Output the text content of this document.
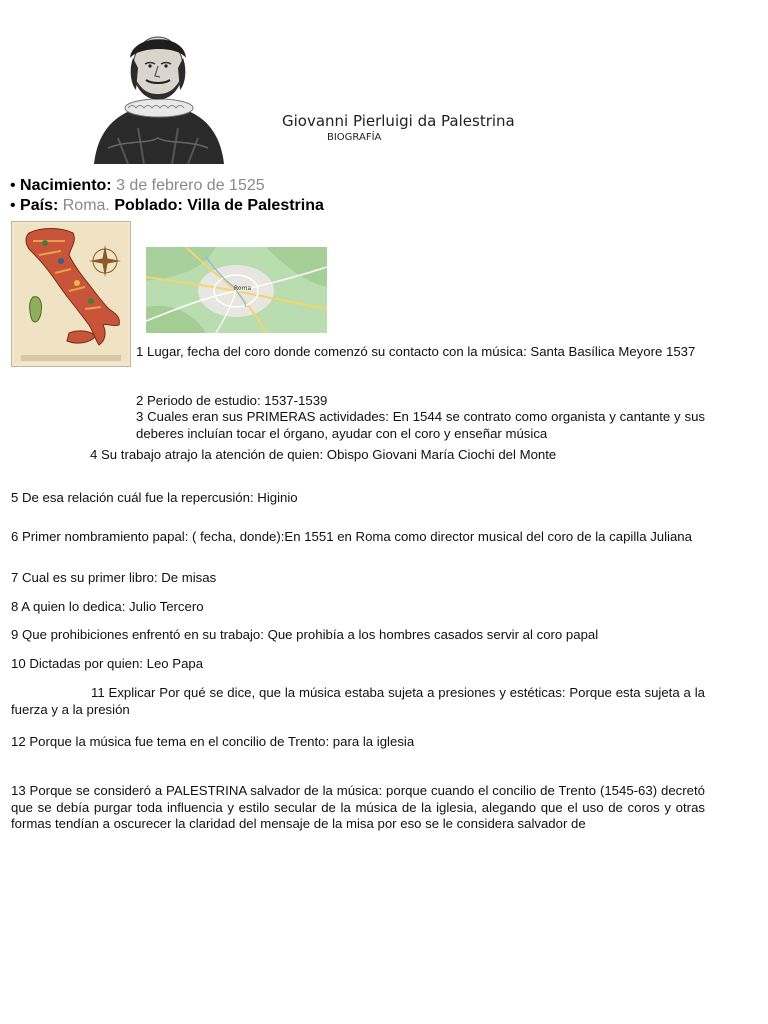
Giovanni Pierluigi da Palestrina
BIOGRAFÍA
• Nacimiento: 3 de febrero de 1525
• País: Roma. Poblado: Villa de Palestrina
Roma
1 Lugar, fecha del coro donde comenzó su contacto con la música: Santa Basílica Meyore 1537
2 Periodo de estudio: 1537-1539
3 Cuales eran sus PRIMERAS actividades: En 1544 se contrato como organista y cantante y sus deberes incluían tocar el órgano, ayudar con el coro y enseñar música
4 Su trabajo atrajo la atención de quien: Obispo Giovani María Ciochi del Monte
5 De esa relación cuál fue la repercusión: Higinio
6 Primer nombramiento papal: ( fecha, donde):En 1551 en Roma como director musical del coro de la capilla Juliana
7 Cual es su primer libro: De misas
8 A quien lo dedica: Julio Tercero
9 Que prohibiciones enfrentó en su trabajo: Que prohibía a los hombres casados servir al coro papal
10 Dictadas por quien: Leo Papa
11 Explicar Por qué se dice, que la música estaba sujeta a presiones y estéticas: Porque esta sujeta a la fuerza y a la presión
12 Porque la música fue tema en el concilio de Trento: para la iglesia
13 Porque se consideró a PALESTRINA salvador de la música: porque cuando el concilio de Trento (1545-63) decretó que se debía purgar toda influencia y estilo secular de la música de la iglesia, alegando que el uso de coros y otras formas tendían a oscurecer la claridad del mensaje de la misa por eso se le considera salvador de
